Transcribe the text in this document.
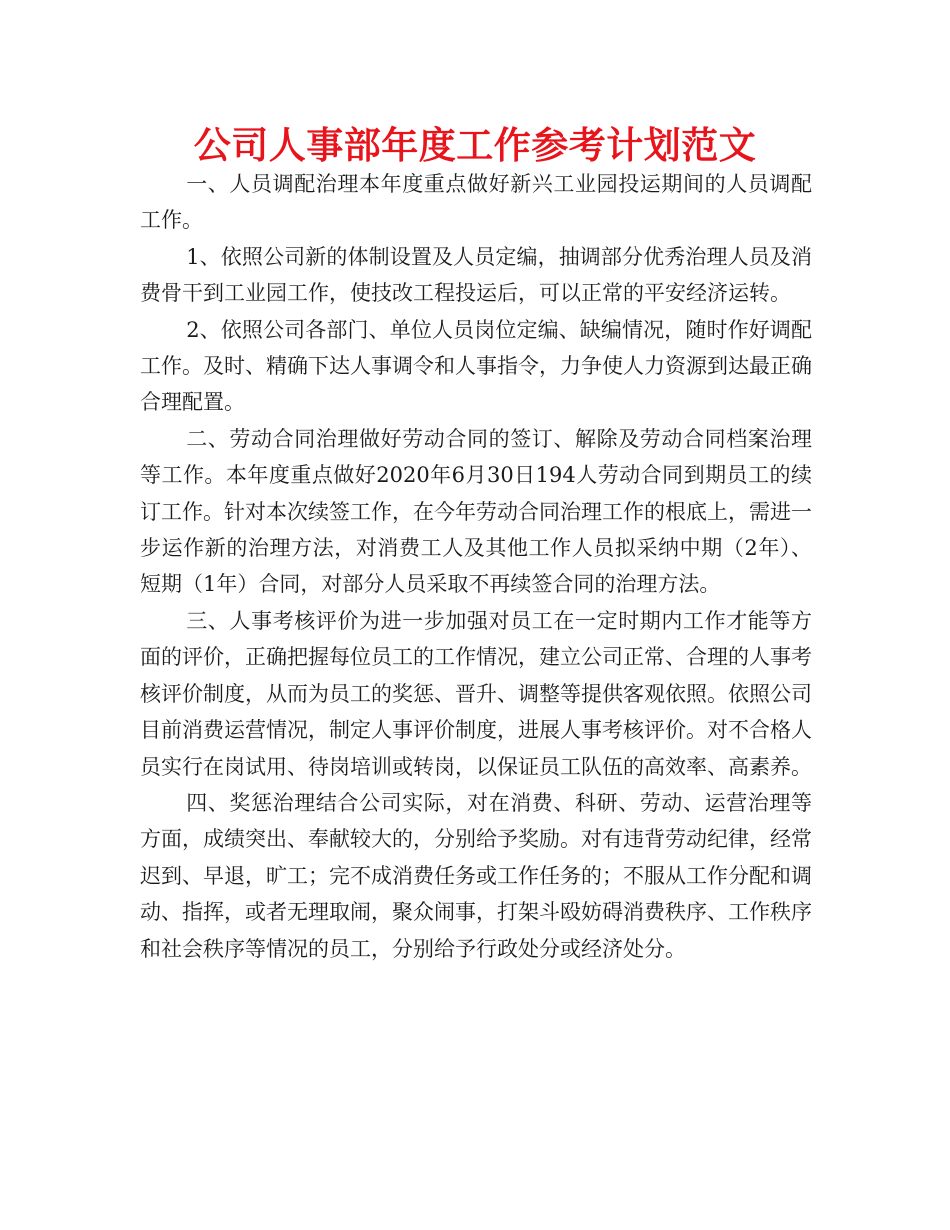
公司人事部年度工作参考计划范文

一、人员调配治理本年度重点做好新兴工业园投运期间的人员调配工作。

1、依照公司新的体制设置及人员定编，抽调部分优秀治理人员及消费骨干到工业园工作，使技改工程投运后，可以正常的平安经济运转。

2、依照公司各部门、单位人员岗位定编、缺编情况，随时作好调配工作。及时、精确下达人事调令和人事指令，力争使人力资源到达最正确合理配置。

二、劳动合同治理做好劳动合同的签订、解除及劳动合同档案治理等工作。本年度重点做好2020年6月30日194人劳动合同到期员工的续订工作。针对本次续签工作，在今年劳动合同治理工作的根底上，需进一步运作新的治理方法，对消费工人及其他工作人员拟采纳中期（2年）、短期（1年）合同，对部分人员采取不再续签合同的治理方法。

三、人事考核评价为进一步加强对员工在一定时期内工作才能等方面的评价，正确把握每位员工的工作情况，建立公司正常、合理的人事考核评价制度，从而为员工的奖惩、晋升、调整等提供客观依照。依照公司目前消费运营情况，制定人事评价制度，进展人事考核评价。对不合格人员实行在岗试用、待岗培训或转岗，以保证员工队伍的高效率、高素养。

四、奖惩治理结合公司实际，对在消费、科研、劳动、运营治理等方面，成绩突出、奉献较大的，分别给予奖励。对有违背劳动纪律，经常迟到、早退，旷工；完不成消费任务或工作任务的；不服从工作分配和调动、指挥，或者无理取闹，聚众闹事，打架斗殴妨碍消费秩序、工作秩序和社会秩序等情况的员工，分别给予行政处分或经济处分。
